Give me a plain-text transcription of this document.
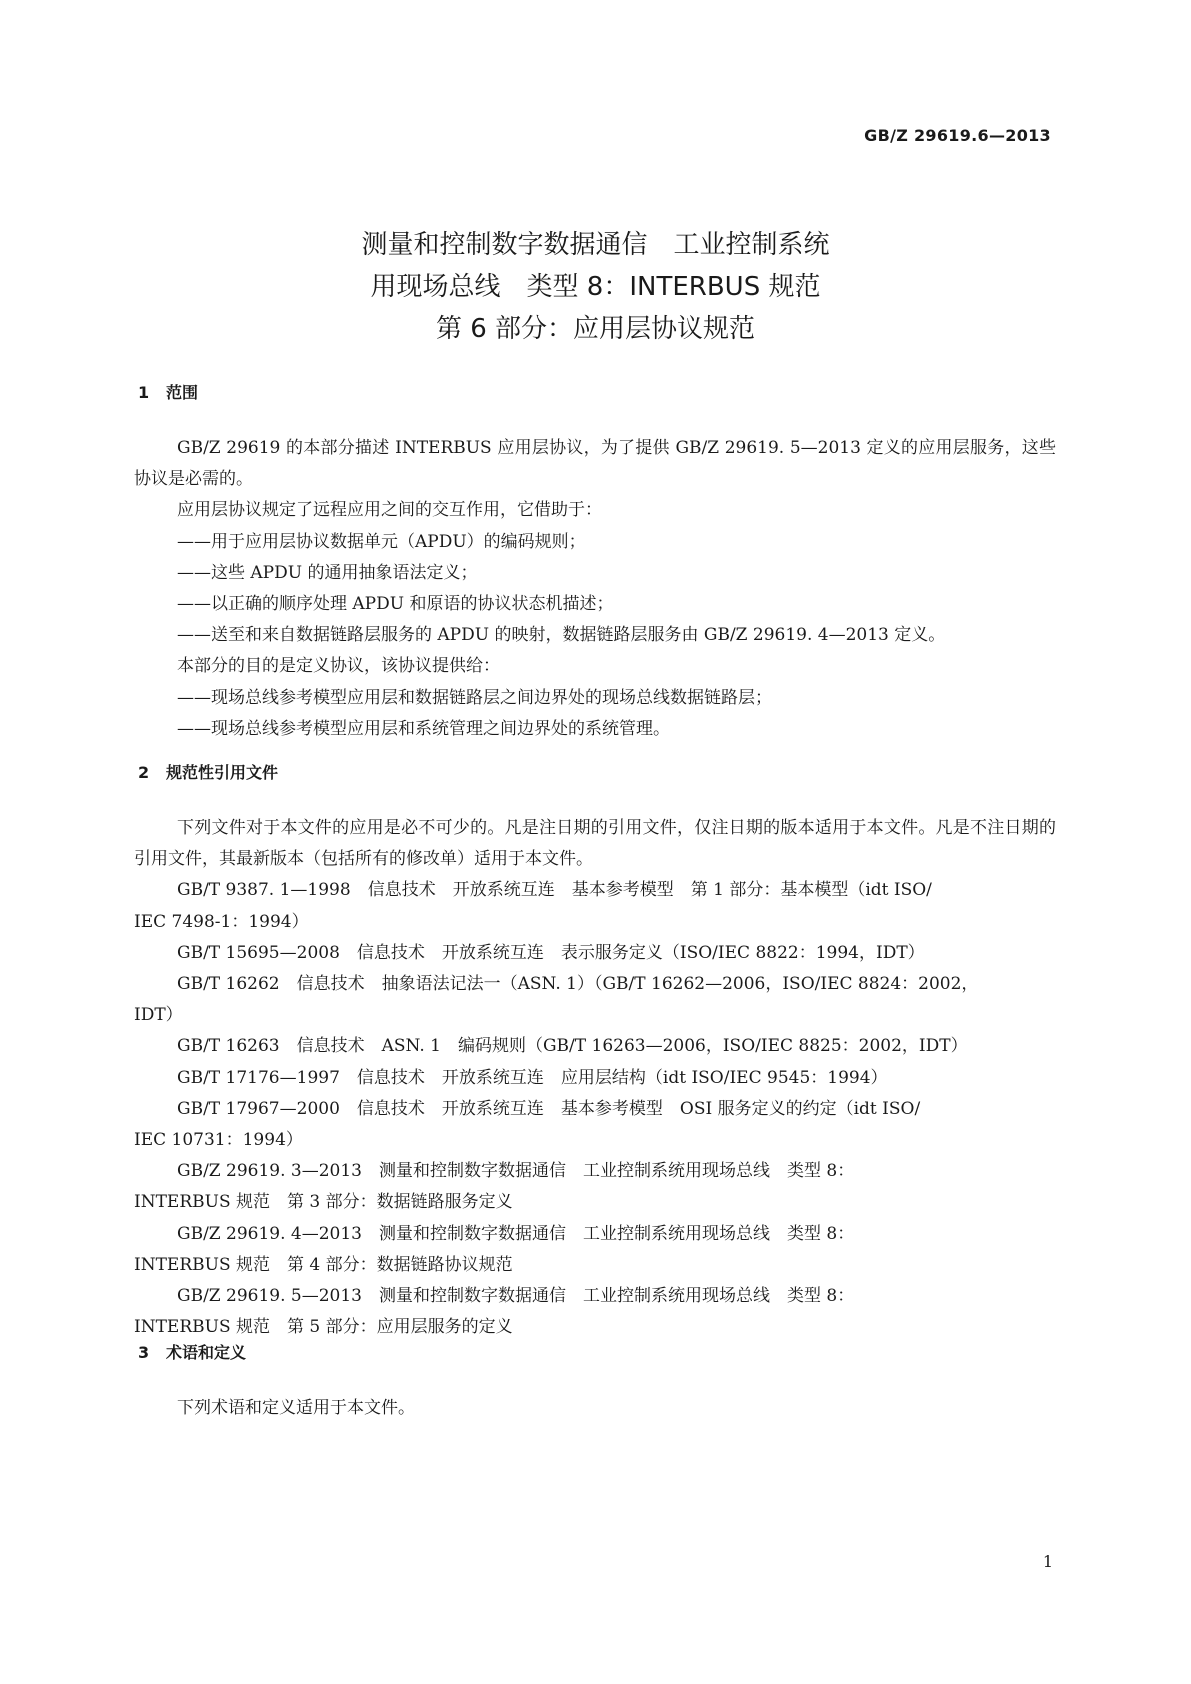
GB/Z 29619.6—2013
测量和控制数字数据通信　工业控制系统
用现场总线　类型 8：INTERBUS 规范
第 6 部分：应用层协议规范
1 范围
GB/Z 29619 的本部分描述 INTERBUS 应用层协议，为了提供 GB/Z 29619. 5—2013 定义的应用层服务，这些协议是必需的。
应用层协议规定了远程应用之间的交互作用，它借助于：
——用于应用层协议数据单元（APDU）的编码规则；
——这些 APDU 的通用抽象语法定义；
——以正确的顺序处理 APDU 和原语的协议状态机描述；
——送至和来自数据链路层服务的 APDU 的映射，数据链路层服务由 GB/Z 29619. 4—2013 定义。
本部分的目的是定义协议，该协议提供给：
——现场总线参考模型应用层和数据链路层之间边界处的现场总线数据链路层；
——现场总线参考模型应用层和系统管理之间边界处的系统管理。
2 规范性引用文件
下列文件对于本文件的应用是必不可少的。凡是注日期的引用文件，仅注日期的版本适用于本文件。凡是不注日期的引用文件，其最新版本（包括所有的修改单）适用于本文件。
GB/T 9387. 1—1998　信息技术　开放系统互连　基本参考模型　第 1 部分：基本模型（idt ISO/
IEC 7498-1：1994）
GB/T 15695—2008　信息技术　开放系统互连　表示服务定义（ISO/IEC 8822：1994，IDT）
GB/T 16262　信息技术　抽象语法记法一（ASN. 1）（GB/T 16262—2006，ISO/IEC 8824：2002，
IDT）
GB/T 16263　信息技术　ASN. 1　编码规则（GB/T 16263—2006，ISO/IEC 8825：2002，IDT）
GB/T 17176—1997　信息技术　开放系统互连　应用层结构（idt ISO/IEC 9545：1994）
GB/T 17967—2000　信息技术　开放系统互连　基本参考模型　OSI 服务定义的约定（idt ISO/
IEC 10731：1994）
GB/Z 29619. 3—2013　测量和控制数字数据通信　工业控制系统用现场总线　类型 8：
INTERBUS 规范　第 3 部分：数据链路服务定义
GB/Z 29619. 4—2013　测量和控制数字数据通信　工业控制系统用现场总线　类型 8：
INTERBUS 规范　第 4 部分：数据链路协议规范
GB/Z 29619. 5—2013　测量和控制数字数据通信　工业控制系统用现场总线　类型 8：
INTERBUS 规范　第 5 部分：应用层服务的定义
3 术语和定义
下列术语和定义适用于本文件。
1
